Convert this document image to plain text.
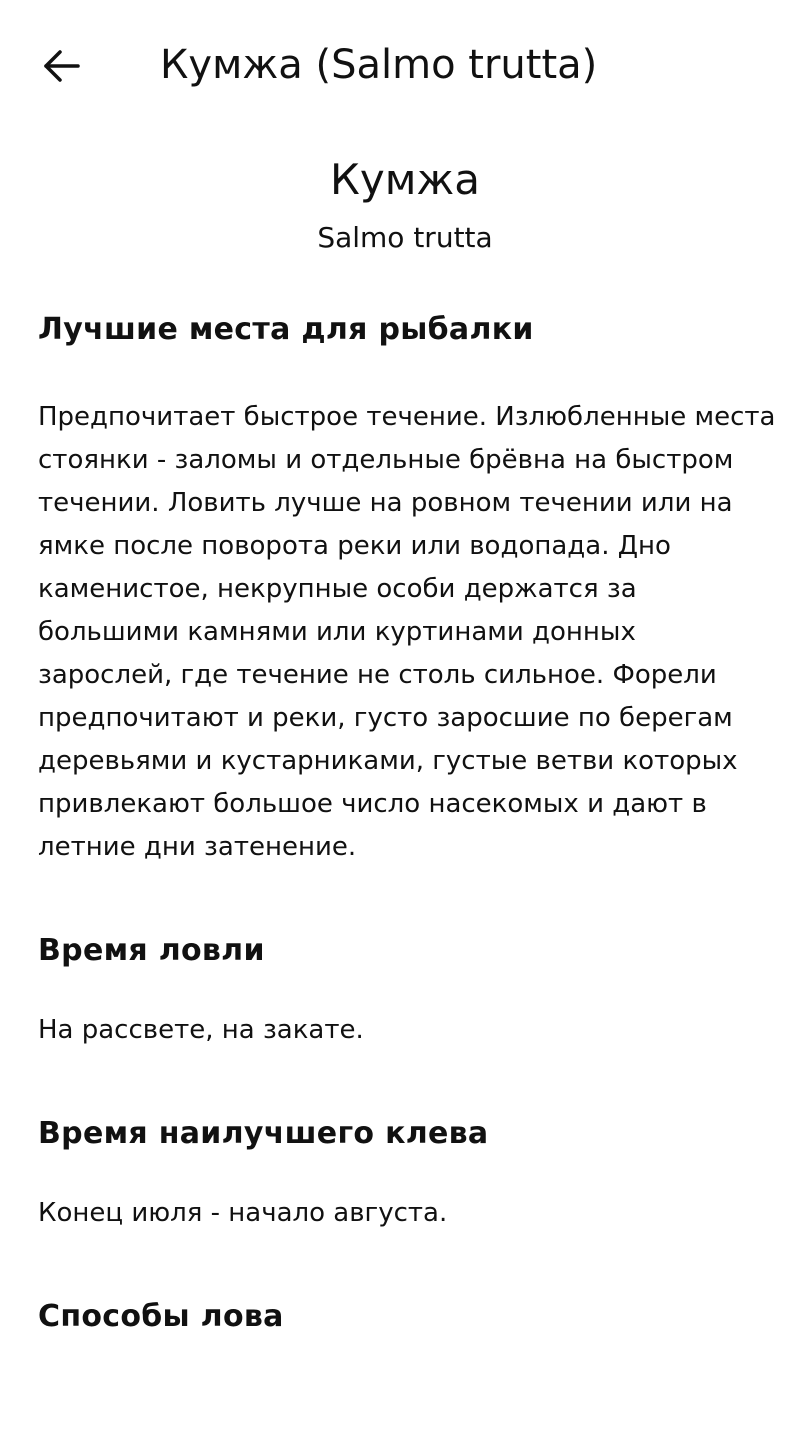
Кумжа (Salmo trutta)
Кумжа
Salmo trutta
Лучшие места для рыбалки
Предпочитает быстрое течение. Излюбленные места стоянки - заломы и отдельные брёвна на быстром течении. Ловить лучше на ровном течении или на ямке после поворота реки или водопада. Дно каменистое, некрупные особи держатся за большими камнями или куртинами донных зарослей, где течение не столь сильное. Форели предпочитают и реки, густо заросшие по берегам деревьями и кустарниками, густые ветви которых привлекают большое число насекомых и дают в летние дни затенение.
Время ловли
На рассвете, на закате.
Время наилучшего клева
Конец июля - начало августа.
Способы лова
